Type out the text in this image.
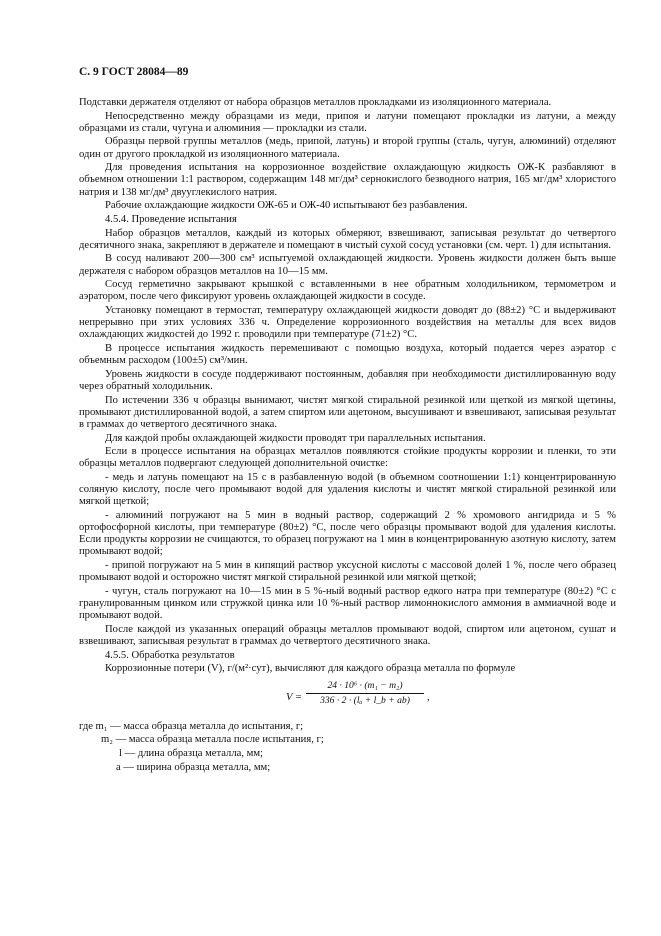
С. 9 ГОСТ 28084—89

Подставки держателя отделяют от набора образцов металлов прокладками из изоляционного материала.

Непосредственно между образцами из меди, припоя и латуни помещают прокладки из латуни, а между образцами из стали, чугуна и алюминия — прокладки из стали.

Образцы первой группы металлов (медь, припой, латунь) и второй группы (сталь, чугун, алюминий) отделяют один от другого прокладкой из изоляционного материала.

Для проведения испытания на коррозионное воздействие охлаждающую жидкость ОЖ-К разбавляют в объемном отношении 1:1 раствором, содержащим 148 мг/дм³ сернокислого безводного натрия, 165 мг/дм³ хлористого натрия и 138 мг/дм³ двууглекислого натрия.

Рабочие охлаждающие жидкости ОЖ-65 и ОЖ-40 испытывают без разбавления.

4.5.4. Проведение испытания

Набор образцов металлов, каждый из которых обмеряют, взвешивают, записывая результат до четвертого десятичного знака, закрепляют в держателе и помещают в чистый сухой сосуд установки (см. черт. 1) для испытания.

В сосуд наливают 200—300 см³ испытуемой охлаждающей жидкости. Уровень жидкости должен быть выше держателя с набором образцов металлов на 10—15 мм.

Сосуд герметично закрывают крышкой с вставленными в нее обратным холодильником, термометром и аэратором, после чего фиксируют уровень охлаждающей жидкости в сосуде.

Установку помещают в термостат, температуру охлаждающей жидкости доводят до (88±2) °С и выдерживают непрерывно при этих условиях 336 ч. Определение коррозионного воздействия на металлы для всех видов охлаждающих жидкостей до 1992 г. проводили при температуре (71±2) °С.

В процессе испытания жидкость перемешивают с помощью воздуха, который подается через аэратор с объемным расходом (100±5) см³/мин.

Уровень жидкости в сосуде поддерживают постоянным, добавляя при необходимости дистиллированную воду через обратный холодильник.

По истечении 336 ч образцы вынимают, чистят мягкой стиральной резинкой или щеткой из мягкой щетины, промывают дистиллированной водой, а затем спиртом или ацетоном, высушивают и взвешивают, записывая результат в граммах до четвертого десятичного знака.

Для каждой пробы охлаждающей жидкости проводят три параллельных испытания.

Если в процессе испытания на образцах металлов появляются стойкие продукты коррозии и пленки, то эти образцы металлов подвергают следующей дополнительной очистке:

- медь и латунь помещают на 15 с в разбавленную водой (в объемном соотношении 1:1) концентрированную соляную кислоту, после чего промывают водой для удаления кислоты и чистят мягкой стиральной резинкой или мягкой щеткой;

- алюминий погружают на 5 мин в водный раствор, содержащий 2 % хромового ангидрида и 5 % ортофосфорной кислоты, при температуре (80±2) °С, после чего образцы промывают водой для удаления кислоты. Если продукты коррозии не счищаются, то образец погружают на 1 мин в концентрированную азотную кислоту, затем промывают водой;

- припой погружают на 5 мин в кипящий раствор уксусной кислоты с массовой долей 1 %, после чего образец промывают водой и осторожно чистят мягкой стиральной резинкой или мягкой щеткой;

- чугун, сталь погружают на 10—15 мин в 5 %-ный водный раствор едкого натра при температуре (80±2) °С с гранулированным цинком или стружкой цинка или 10 %-ный раствор лимоннокислого аммония в аммиачной воде и промывают водой.

После каждой из указанных операций образцы металлов промывают водой, спиртом или ацетоном, сушат и взвешивают, записывая результат в граммах до четвертого десятичного знака.

4.5.5. Обработка результатов

Коррозионные потери (V), г/(м²·сут), вычисляют для каждого образца металла по формуле

$V = \frac{\text{24 · 10⁶ · (m₁ − m₂)}}{\text{336 · 2 · (lₐ + l\_b + ab)}}$ ,
где m₁ — масса образца металла до испытания, г;
m₂ — масса образца металла после испытания, г;
l — длина образца металла, мм;
a — ширина образца металла, мм;
